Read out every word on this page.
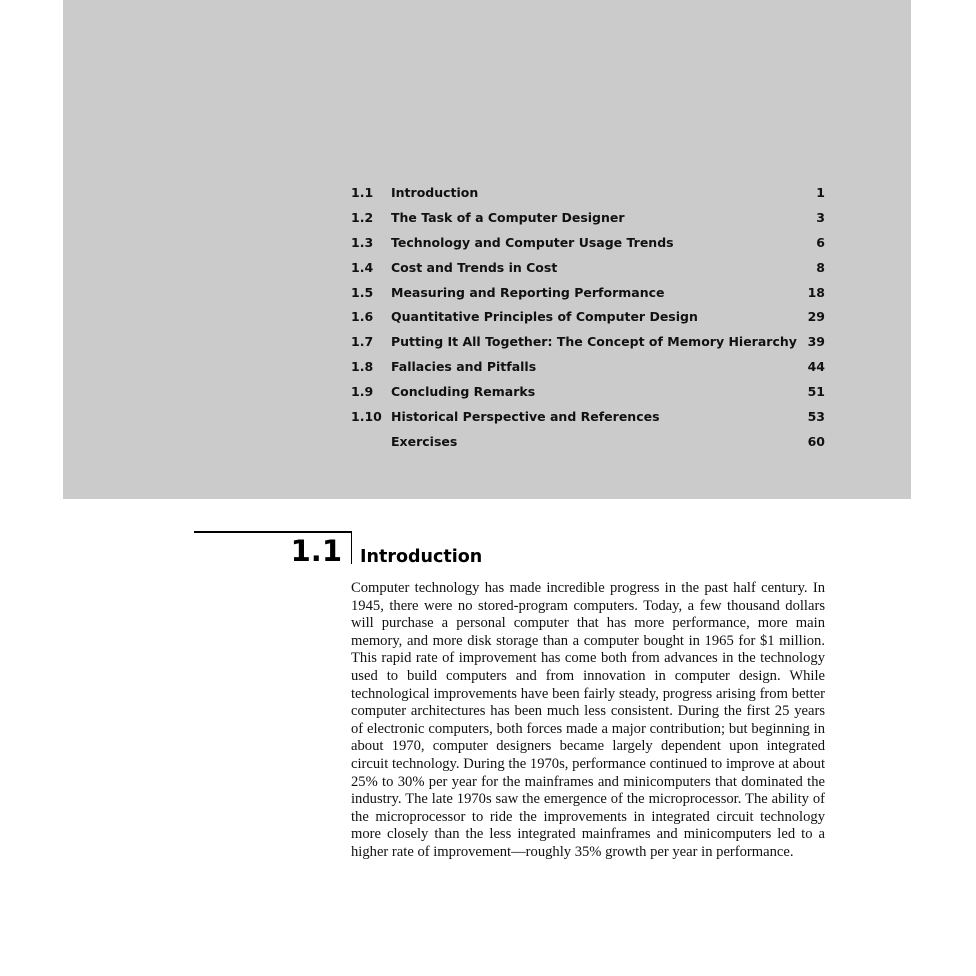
1.1	Introduction	1
1.2	The Task of a Computer Designer	3
1.3	Technology and Computer Usage Trends	6
1.4	Cost and Trends in Cost	8
1.5	Measuring and Reporting Performance	18
1.6	Quantitative Principles of Computer Design	29
1.7	Putting It All Together: The Concept of Memory Hierarchy 39
1.8	Fallacies and Pitfalls	44
1.9	Concluding Remarks	51
1.10 Historical Perspective and References	53
Exercises	60
1.1 Introduction

Computer technology has made incredible progress in the past half century. In 1945, there were no stored-program computers. Today, a few thousand dollars will purchase a personal computer that has more performance, more main memory, and more disk storage than a computer bought in 1965 for $1 million. This rapid rate of improvement has come both from advances in the technology used to build computers and from innovation in computer design. While technological improvements have been fairly steady, progress arising from better computer architectures has been much less consistent. During the first 25 years of electronic computers, both forces made a major contribution; but beginning in about 1970, computer designers became largely dependent upon integrated circuit technology. During the 1970s, performance continued to improve at about 25% to 30% per year for the mainframes and minicomputers that dominated the industry. The late 1970s saw the emergence of the microprocessor. The ability of the microprocessor to ride the improvements in integrated circuit technology more closely than the less integrated mainframes and minicomputers led to a higher rate of improvement—roughly 35% growth per year in performance.
